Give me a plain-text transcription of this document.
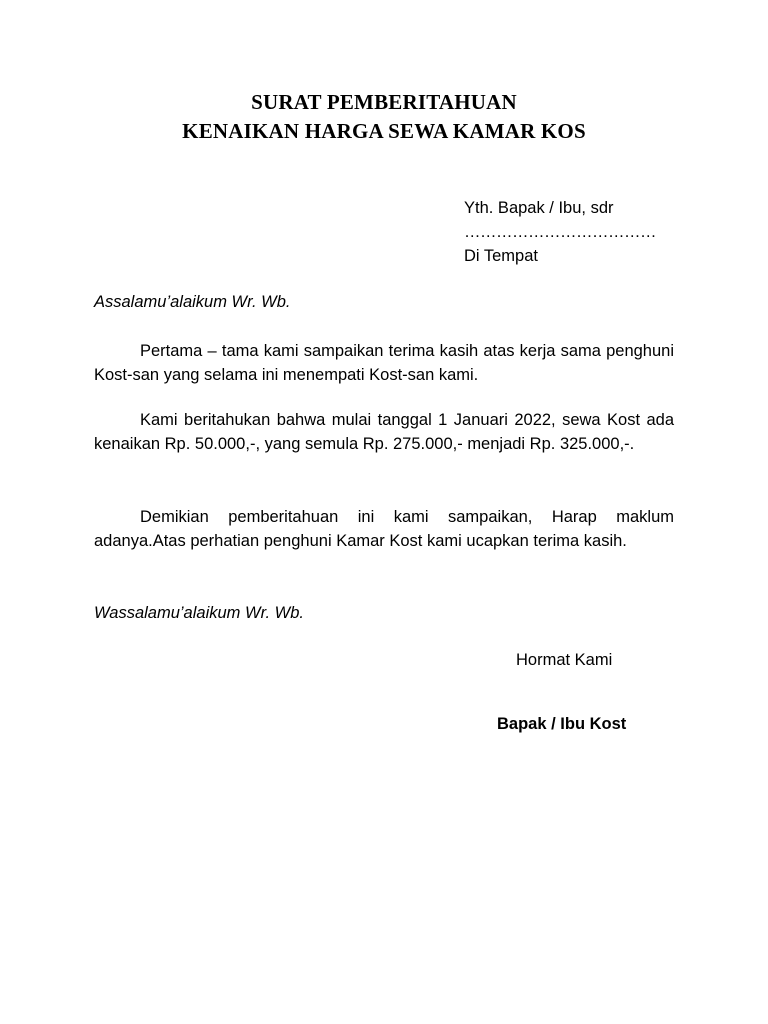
SURAT PEMBERITAHUAN
KENAIKAN HARGA SEWA KAMAR KOS
Yth. Bapak / Ibu, sdr
………………………………
Di Tempat
Assalamu’alaikum Wr. Wb.

Pertama – tama kami sampaikan terima kasih atas kerja sama penghuni Kost-san yang selama ini menempati Kost-san kami.

Kami beritahukan bahwa mulai tanggal 1 Januari 2022, sewa Kost ada kenaikan Rp. 50.000,-, yang semula Rp. 275.000,- menjadi Rp. 325.000,-.

Demikian pemberitahuan ini kami sampaikan, Harap maklum adanya.Atas perhatian penghuni Kamar Kost kami ucapkan terima kasih.

Wassalamu’alaikum Wr. Wb.
Hormat Kami
Bapak / Ibu Kost
